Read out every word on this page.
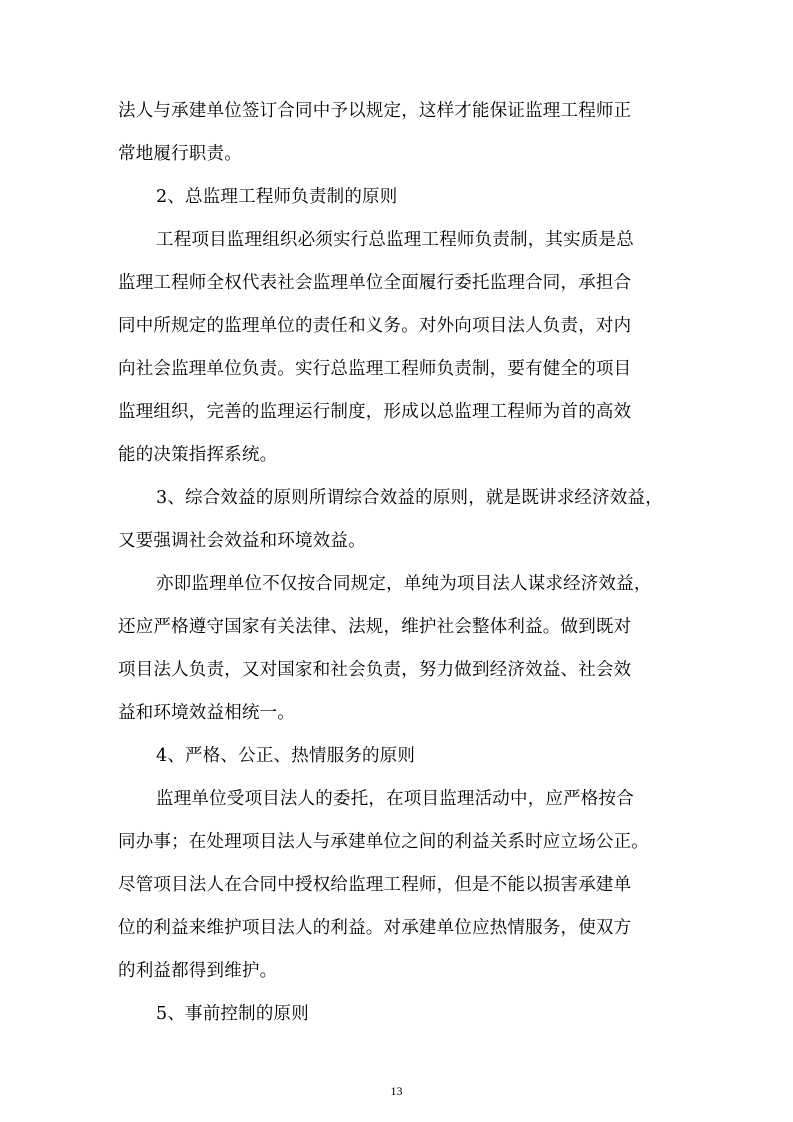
法人与承建单位签订合同中予以规定，这样才能保证监理工程师正
常地履行职责。
2、总监理工程师负责制的原则
工程项目监理组织必须实行总监理工程师负责制，其实质是总
监理工程师全权代表社会监理单位全面履行委托监理合同，承担合
同中所规定的监理单位的责任和义务。对外向项目法人负责，对内
向社会监理单位负责。实行总监理工程师负责制，要有健全的项目
监理组织，完善的监理运行制度，形成以总监理工程师为首的高效
能的决策指挥系统。
3、综合效益的原则所谓综合效益的原则，就是既讲求经济效益，
又要强调社会效益和环境效益。
亦即监理单位不仅按合同规定，单纯为项目法人谋求经济效益，
还应严格遵守国家有关法律、法规，维护社会整体利益。做到既对
项目法人负责，又对国家和社会负责，努力做到经济效益、社会效
益和环境效益相统一。
4、严格、公正、热情服务的原则
监理单位受项目法人的委托，在项目监理活动中，应严格按合
同办事；在处理项目法人与承建单位之间的利益关系时应立场公正。
尽管项目法人在合同中授权给监理工程师，但是不能以损害承建单
位的利益来维护项目法人的利益。对承建单位应热情服务，使双方
的利益都得到维护。
5、事前控制的原则
13
